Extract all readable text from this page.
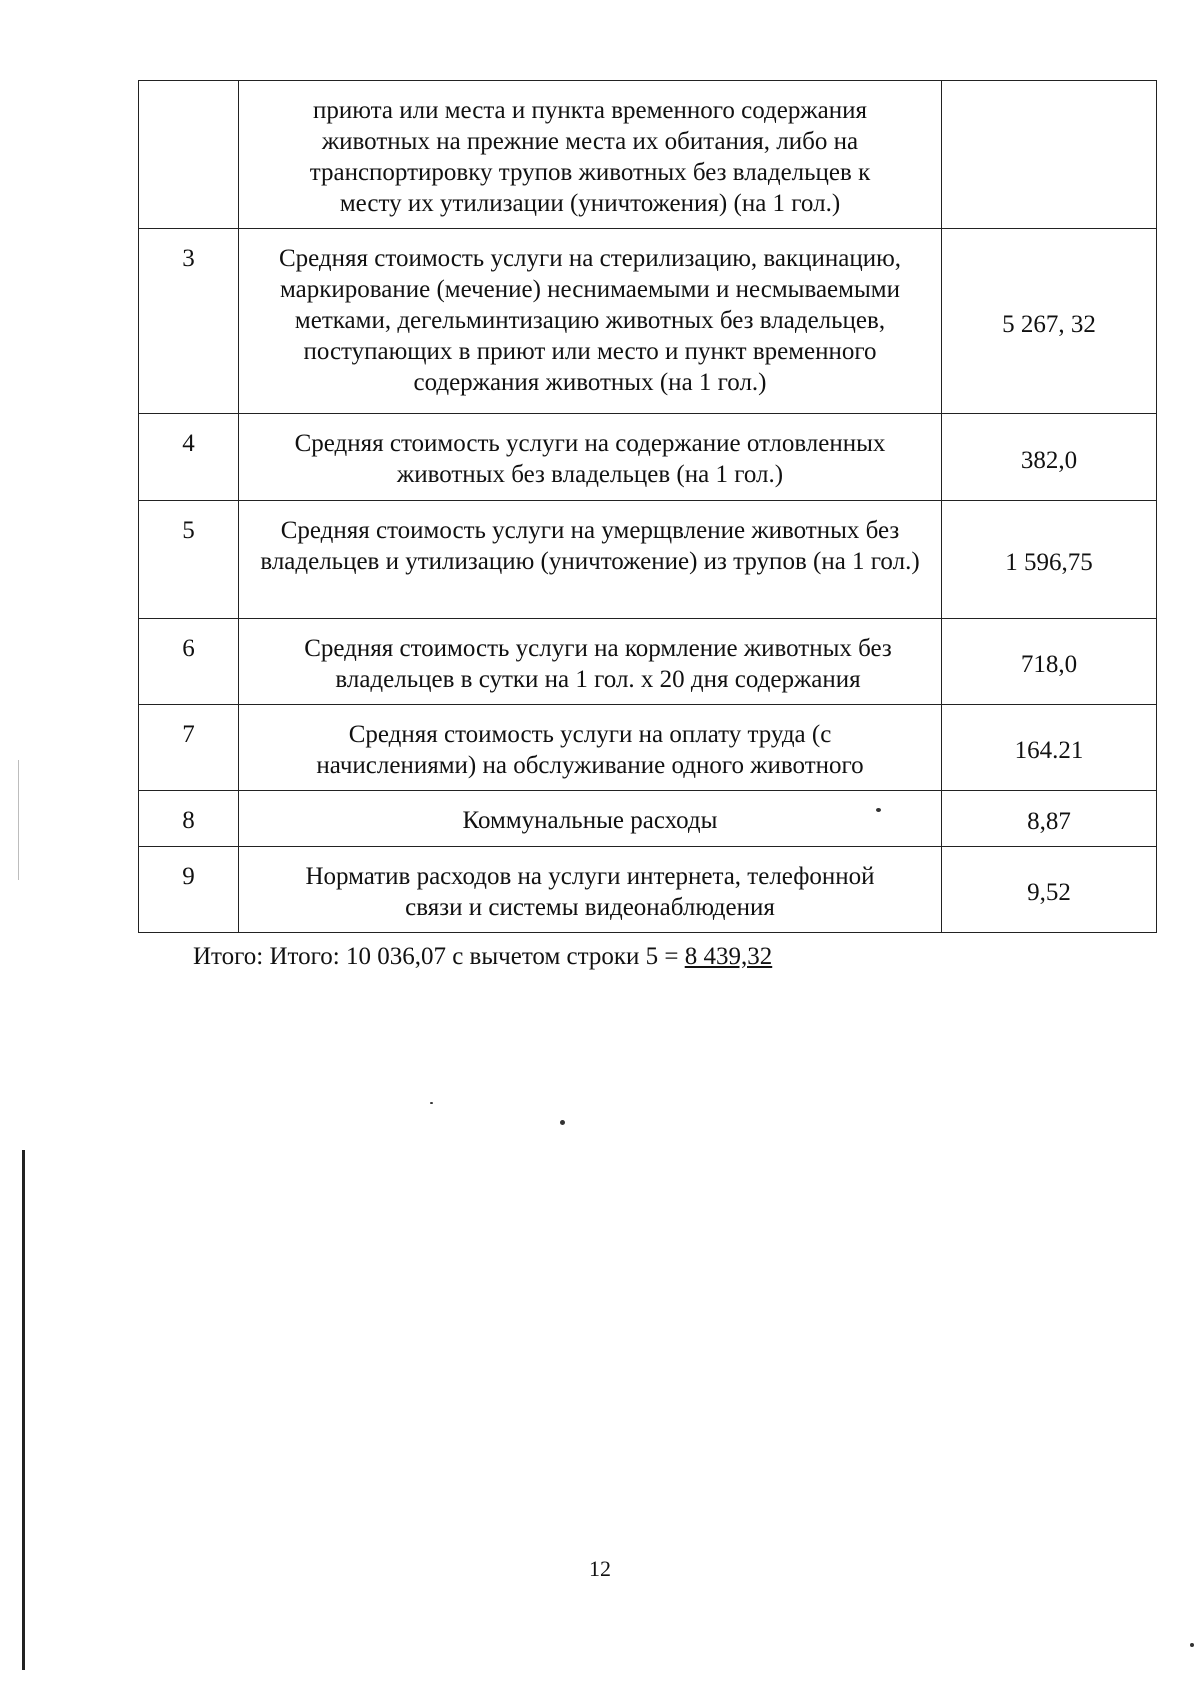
	приюта или места и пункта временного содержания животных на прежние места их обитания, либо на транспортировку трупов животных без владельцев к месту их утилизации (уничтожения) (на 1 гол.)	
3	Средняя стоимость услуги на стерилизацию, вакцинацию, маркирование (мечение) неснимаемыми и несмываемыми метками, дегельминтизацию животных без владельцев, поступающих в приют или место и пункт временного содержания животных (на 1 гол.)	5 267, 32
4	Средняя стоимость услуги на содержание отловленных животных без владельцев (на 1 гол.)	382,0
5	Средняя стоимость услуги на умерщвление животных без владельцев и утилизацию (уничтожение) из трупов (на 1 гол.)	1 596,75
6	Средняя стоимость услуги на кормление животных без владельцев в сутки на 1 гол. х 20 дня содержания	718,0
7	Средняя стоимость услуги на оплату труда (с начислениями) на обслуживание одного животного	164.21
8	Коммунальные расходы	8,87
9	Норматив расходов на услуги интернета, телефонной связи и системы видеонаблюдения	9,52
Итого: Итого: 10 036,07 с вычетом строки 5 = 8 439,32
12
